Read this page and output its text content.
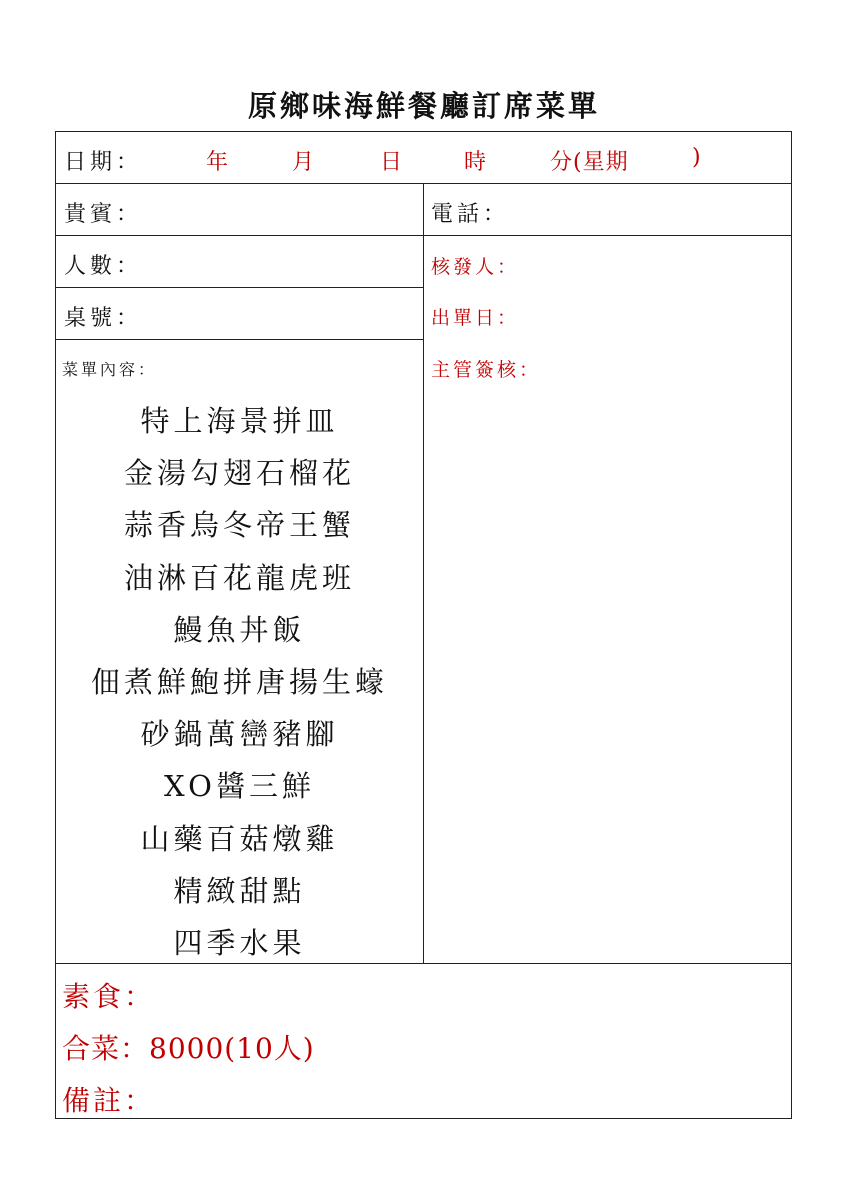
原鄉味海鮮餐廳訂席菜單
日期：	年	月	日	時	分(星期	)
貴賓：	電話：
人數：	核發人：
桌號：	出單日：
菜單內容：	主管簽核：
特上海景拼皿
金湯勾翅石榴花
蒜香烏冬帝王蟹
油淋百花龍虎班
鰻魚丼飯
佃煮鮮鮑拼唐揚生蠔
砂鍋萬巒豬腳
XO醬三鮮
山藥百菇燉雞
精緻甜點
四季水果
素食：
合菜：8000(10人)
備註：
